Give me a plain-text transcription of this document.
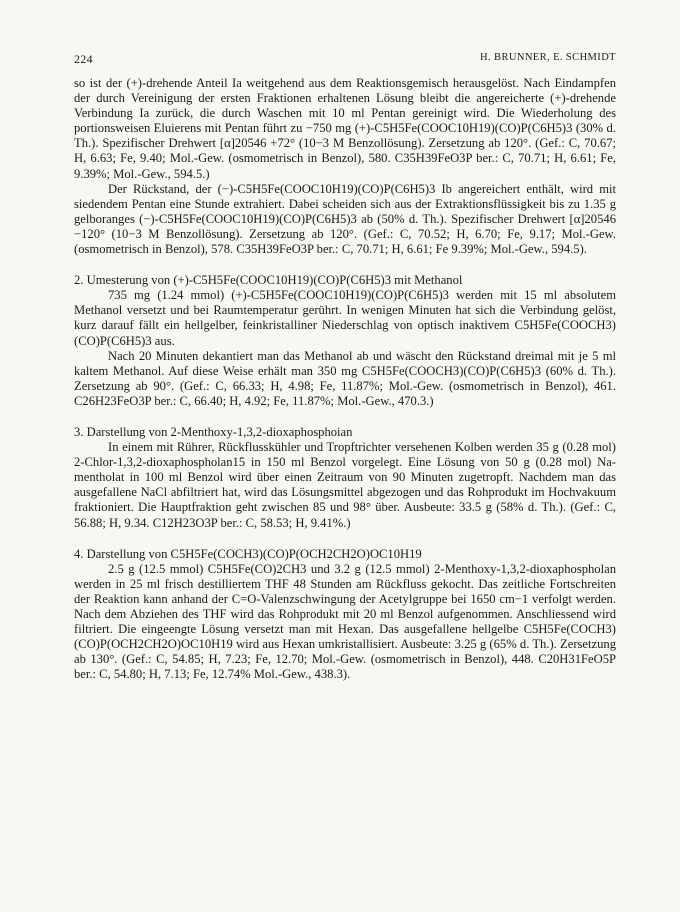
224	H. BRUNNER, E. SCHMIDT

so ist der (+)-drehende Anteil Ia weitgehend aus dem Reaktionsgemisch herausgelöst. Nach Eindampfen der durch Vereinigung der ersten Fraktionen erhaltenen Lösung bleibt die angereicherte (+)-drehende Verbindung Ia zurück, die durch Waschen mit 10 ml Pentan gereinigt wird. Die Wiederholung des portionsweisen Eluierens mit Pentan führt zu −750 mg (+)-C5H5Fe(COOC10H19)(CO)P(C6H5)3 (30% d. Th.). Spezifischer Drehwert [α]20546 +72° (10−3 M Benzollösung). Zersetzung ab 120°. (Gef.: C, 70.67; H, 6.63; Fe, 9.40; Mol.-Gew. (osmometrisch in Benzol), 580. C35H39FeO3P ber.: C, 70.71; H, 6.61; Fe, 9.39%; Mol.-Gew., 594.5.)

Der Rückstand, der (−)-C5H5Fe(COOC10H19)(CO)P(C6H5)3 Ib angereichert enthält, wird mit siedendem Pentan eine Stunde extrahiert. Dabei scheiden sich aus der Extraktionsflüssigkeit bis zu 1.35 g gelboranges (−)-C5H5Fe(COOC10H19)(CO)P(C6H5)3 ab (50% d. Th.). Spezifischer Drehwert [α]20546 −120° (10−3 M Benzollösung). Zersetzung ab 120°. (Gef.: C, 70.52; H, 6.70; Fe, 9.17; Mol.-Gew. (osmometrisch in Benzol), 578. C35H39FeO3P ber.: C, 70.71; H, 6.61; Fe 9.39%; Mol.-Gew., 594.5).

2. Umesterung von (+)-C5H5Fe(COOC10H19)(CO)P(C6H5)3 mit Methanol

735 mg (1.24 mmol) (+)-C5H5Fe(COOC10H19)(CO)P(C6H5)3 werden mit 15 ml absolutem Methanol versetzt und bei Raumtemperatur gerührt. In wenigen Minuten hat sich die Verbindung gelöst, kurz darauf fällt ein hellgelber, feinkristalliner Niederschlag von optisch inaktivem C5H5Fe(COOCH3)(CO)P(C6H5)3 aus.

Nach 20 Minuten dekantiert man das Methanol ab und wäscht den Rückstand dreimal mit je 5 ml kaltem Methanol. Auf diese Weise erhält man 350 mg C5H5Fe(COOCH3)(CO)P(C6H5)3 (60% d. Th.). Zersetzung ab 90°. (Gef.: C, 66.33; H, 4.98; Fe, 11.87%; Mol.-Gew. (osmometrisch in Benzol), 461. C26H23FeO3P ber.: C, 66.40; H, 4.92; Fe, 11.87%; Mol.-Gew., 470.3.)

3. Darstellung von 2-Menthoxy-1,3,2-dioxaphosphoian

In einem mit Rührer, Rückflusskühler und Tropftrichter versehenen Kolben werden 35 g (0.28 mol) 2-Chlor-1,3,2-dioxaphospholan15 in 150 ml Benzol vorgelegt. Eine Lösung von 50 g (0.28 mol) Na-mentholat in 100 ml Benzol wird über einen Zeitraum von 90 Minuten zugetropft. Nachdem man das ausgefallene NaCl abfiltriert hat, wird das Lösungsmittel abgezogen und das Rohprodukt im Hochvakuum fraktioniert. Die Hauptfraktion geht zwischen 85 und 98° über. Ausbeute: 33.5 g (58% d. Th.). (Gef.: C, 56.88; H, 9.34. C12H23O3P ber.: C, 58.53; H, 9.41%.)

4. Darstellung von C5H5Fe(COCH3)(CO)P(OCH2CH2O)OC10H19

2.5 g (12.5 mmol) C5H5Fe(CO)2CH3 und 3.2 g (12.5 mmol) 2-Menthoxy-1,3,2-dioxaphospholan werden in 25 ml frisch destilliertem THF 48 Stunden am Rückfluss gekocht. Das zeitliche Fortschreiten der Reaktion kann anhand der C=O-Valenzschwingung der Acetylgruppe bei 1650 cm−1 verfolgt werden. Nach dem Abziehen des THF wird das Rohprodukt mit 20 ml Benzol aufgenommen. Anschliessend wird filtriert. Die eingeengte Lösung versetzt man mit Hexan. Das ausgefallene hellgelbe C5H5Fe(COCH3)(CO)P(OCH2CH2O)OC10H19 wird aus Hexan umkristallisiert. Ausbeute: 3.25 g (65% d. Th.). Zersetzung ab 130°. (Gef.: C, 54.85; H, 7.23; Fe, 12.70; Mol.-Gew. (osmometrisch in Benzol), 448. C20H31FeO5P ber.: C, 54.80; H, 7.13; Fe, 12.74% Mol.-Gew., 438.3).
